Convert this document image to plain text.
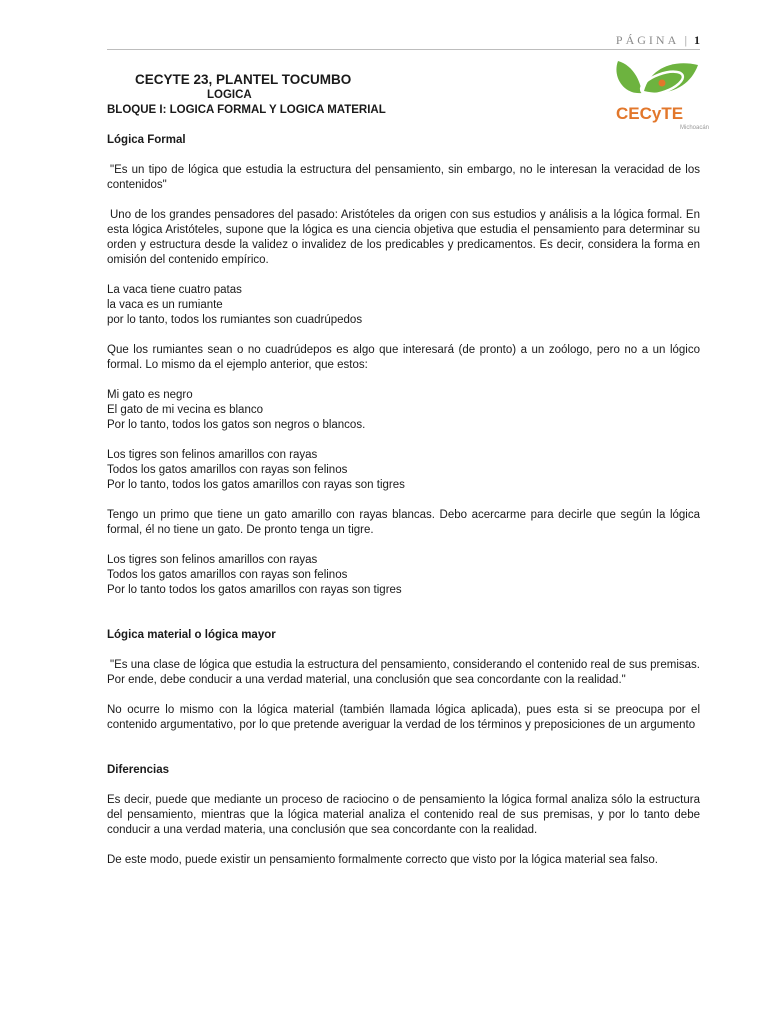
PÁGINA | 1
CECYTE 23, PLANTEL TOCUMBO
LOGICA
BLOQUE I: LOGICA FORMAL Y LOGICA MATERIAL	CECyTE
Michoacán

Lógica Formal

"Es un tipo de lógica que estudia la estructura del pensamiento, sin embargo, no le interesan la veracidad de los contenidos"

Uno de los grandes pensadores del pasado: Aristóteles da origen con sus estudios y análisis a la lógica formal. En esta lógica Aristóteles, supone que la lógica es una ciencia objetiva que estudia el pensamiento para determinar su orden y estructura desde la validez o invalidez de los predicables y predicamentos. Es decir, considera la forma en omisión del contenido empírico.

La vaca tiene cuatro patas

la vaca es un rumiante

por lo tanto, todos los rumiantes son cuadrúpedos

Que los rumiantes sean o no cuadrúdepos es algo que interesará (de pronto) a un zoólogo, pero no a un lógico formal. Lo mismo da el ejemplo anterior, que estos:

Mi gato es negro

El gato de mi vecina es blanco

Por lo tanto, todos los gatos son negros o blancos.

Los tigres son felinos amarillos con rayas

Todos los gatos amarillos con rayas son felinos

Por lo tanto, todos los gatos amarillos con rayas son tigres

Tengo un primo que tiene un gato amarillo con rayas blancas. Debo acercarme para decirle que según la lógica formal, él no tiene un gato. De pronto tenga un tigre.

Los tigres son felinos amarillos con rayas

Todos los gatos amarillos con rayas son felinos

Por lo tanto todos los gatos amarillos con rayas son tigres

Lógica material o lógica mayor

"Es una clase de lógica que estudia la estructura del pensamiento, considerando el contenido real de sus premisas. Por ende, debe conducir a una verdad material, una conclusión que sea concordante con la realidad."

No ocurre lo mismo con la lógica material (también llamada lógica aplicada), pues esta si se preocupa por el contenido argumentativo, por lo que pretende averiguar la verdad de los términos y preposiciones de un argumento

Diferencias

Es decir, puede que mediante un proceso de raciocino o de pensamiento la lógica formal analiza sólo la estructura del pensamiento, mientras que la lógica material analiza el contenido real de sus premisas, y por lo tanto debe conducir a una verdad materia, una conclusión que sea concordante con la realidad.

De este modo, puede existir un pensamiento formalmente correcto que visto por la lógica material sea falso.
